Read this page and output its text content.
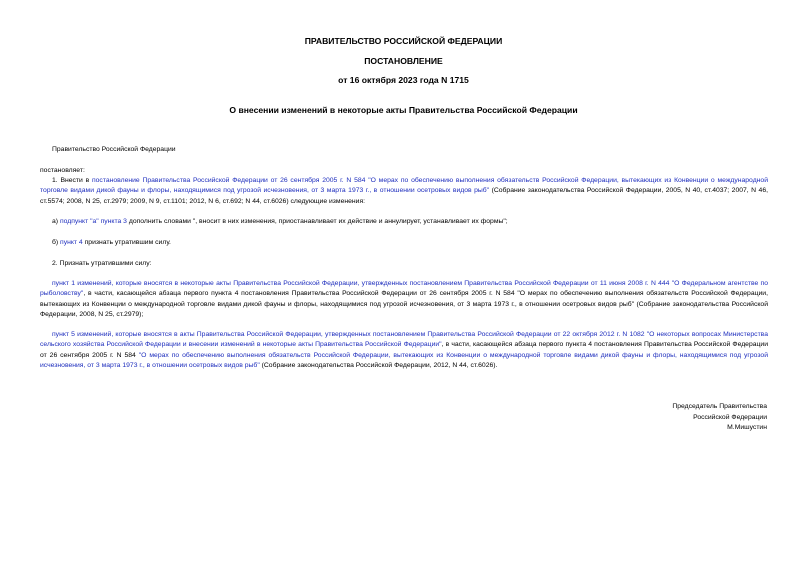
ПРАВИТЕЛЬСТВО РОССИЙСКОЙ ФЕДЕРАЦИИ
ПОСТАНОВЛЕНИЕ
от 16 октября 2023 года N 1715
О внесении изменений в некоторые акты Правительства Российской Федерации
Правительство Российской Федерации
постановляет:
1. Внести в постановление Правительства Российской Федерации от 26 сентября 2005 г. N 584 "О мерах по обеспечению выполнения обязательств Российской Федерации, вытекающих из Конвенции о международной торговле видами дикой фауны и флоры, находящимися под угрозой исчезновения, от 3 марта 1973 г., в отношении осетровых видов рыб" (Собрание законодательства Российской Федерации, 2005, N 40, ст.4037; 2007, N 46, ст.5574; 2008, N 25, ст.2979; 2009, N 9, ст.1101; 2012, N 6, ст.692; N 44, ст.6026) следующие изменения:
а) подпункт "а" пункта 3 дополнить словами ", вносит в них изменения, приостанавливает их действие и аннулирует, устанавливает их формы";
б) пункт 4 признать утратившим силу.
2. Признать утратившими силу:
пункт 1 изменений, которые вносятся в некоторые акты Правительства Российской Федерации, утвержденных постановлением Правительства Российской Федерации от 11 июня 2008 г. N 444 "О Федеральном агентстве по рыболовству", в части, касающейся абзаца первого пункта 4 постановления Правительства Российской Федерации от 26 сентября 2005 г. N 584 "О мерах по обеспечению выполнения обязательств Российской Федерации, вытекающих из Конвенции о международной торговле видами дикой фауны и флоры, находящимися под угрозой исчезновения, от 3 марта 1973 г., в отношении осетровых видов рыб" (Собрание законодательства Российской Федерации, 2008, N 25, ст.2979);
пункт 5 изменений, которые вносятся в акты Правительства Российской Федерации, утвержденных постановлением Правительства Российской Федерации от 22 октября 2012 г. N 1082 "О некоторых вопросах Министерства сельского хозяйства Российской Федерации и внесении изменений в некоторые акты Правительства Российской Федерации", в части, касающейся абзаца первого пункта 4 постановления Правительства Российской Федерации от 26 сентября 2005 г. N 584 "О мерах по обеспечению выполнения обязательств Российской Федерации, вытекающих из Конвенции о международной торговле видами дикой фауны и флоры, находящимися под угрозой исчезновения, от 3 марта 1973 г., в отношении осетровых видов рыб" (Собрание законодательства Российской Федерации, 2012, N 44, ст.6026).
Председатель Правительства
Российской Федерации
М.Мишустин
